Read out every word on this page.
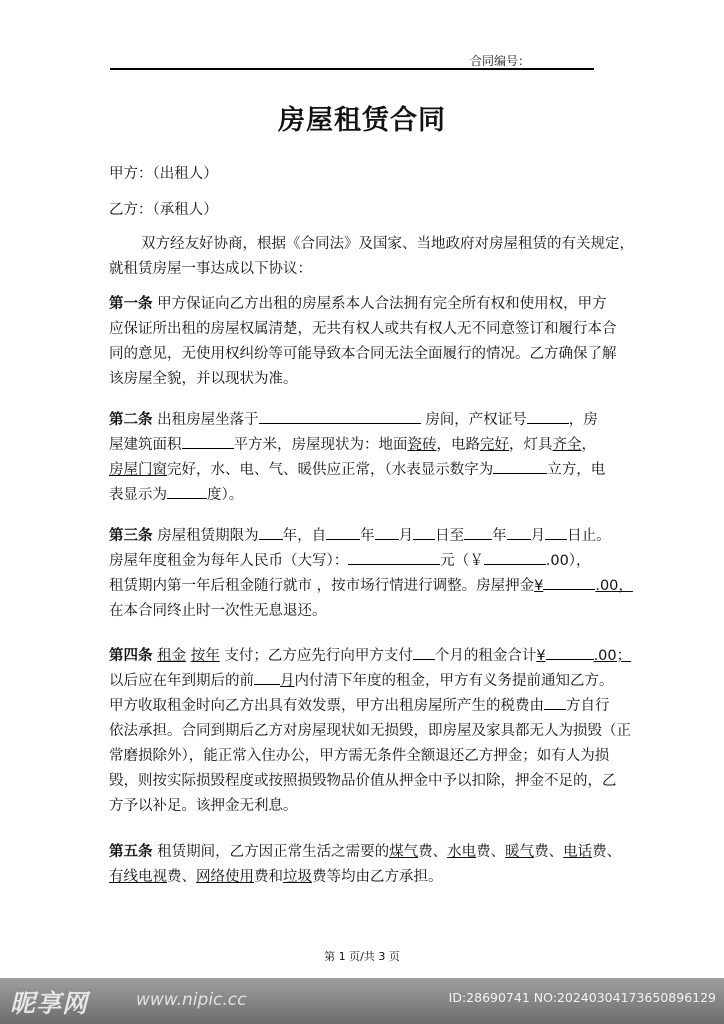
合同编号：
房屋租赁合同
甲方：（出租人）
乙方：（承租人）

双方经友好协商，根据《合同法》及国家、当地政府对房屋租赁的有关规定，

就租赁房屋一事达成以下协议：

第一条 甲方保证向乙方出租的房屋系本人合法拥有完全所有权和使用权，甲方

应保证所出租的房屋权属清楚，无共有权人或共有权人无不同意签订和履行本合

同的意见，无使用权纠纷等可能导致本合同无法全面履行的情况。乙方确保了解

该房屋全貌，并以现状为准。

第二条 出租房屋坐落于	房间，产权证号	，房

屋建筑面积	平方米，房屋现状为：地面瓷砖，电路完好，灯具齐全，

房屋门窗完好，水、电、气、暖供应正常，（水表显示数字为	立方，电

表显示为	度）。

第三条 房屋租赁期限为 年，自 年 月 日至 年 月 日止。

房屋年度租金为每年人民币（大写）：	元（￥	.00），

租赁期内第一年后租金随行就市 ，按市场行情进行调整。房屋押金¥	.00，

在本合同终止时一次性无息退还。

第四条 租金 按年 支付；乙方应先行向甲方支付 个月的租金合计¥	.00；

以后应在年到期后的前 月内付清下年度的租金，甲方有义务提前通知乙方。

甲方收取租金时向乙方出具有效发票，甲方出租房屋所产生的税费由 方自行

依法承担。合同到期后乙方对房屋现状如无损毁，即房屋及家具都无人为损毁（正

常磨损除外），能正常入住办公，甲方需无条件全额退还乙方押金；如有人为损

毁，则按实际损毁程度或按照损毁物品价值从押金中予以扣除，押金不足的，乙

方予以补足。该押金无利息。

第五条 租赁期间，乙方因正常生活之需要的煤气费、水电费、暖气费、电话费、

有线电视费、网络使用费和垃圾费等均由乙方承担。

第 1 页/共 3 页
昵享网	www.nipic.cc	ID:28690741 NO:20240304173650896129
